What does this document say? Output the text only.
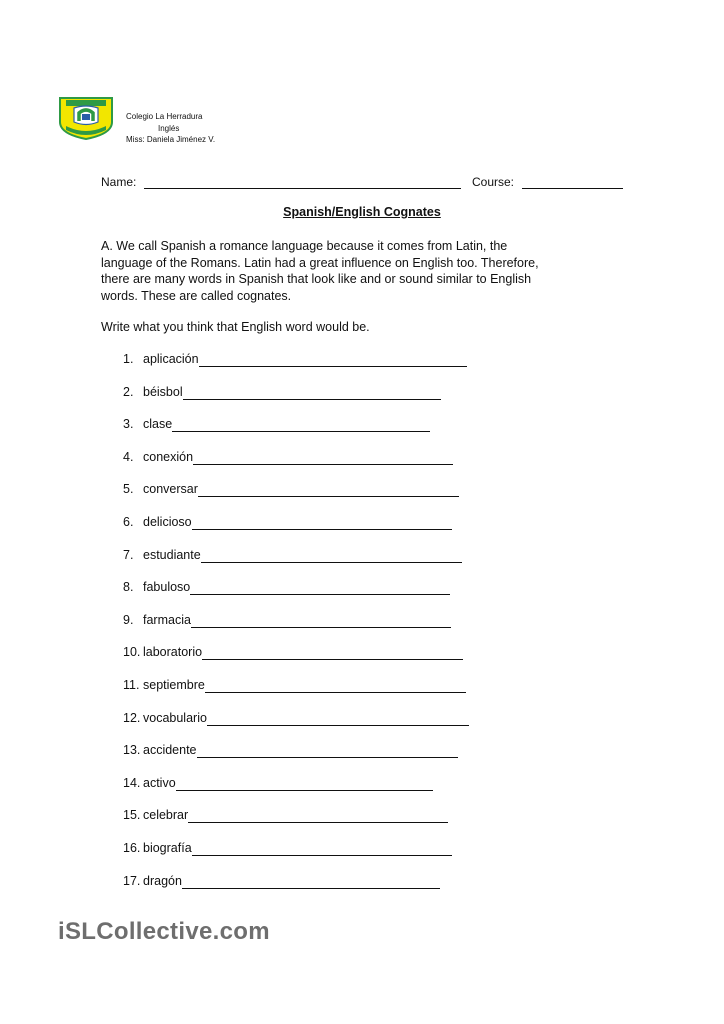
Colegio La Herradura
Inglés
Miss: Daniela Jiménez V.
Name:	Course:
Spanish/English Cognates
A. We call Spanish a romance language because it comes from Latin, the
language of the Romans. Latin had a great influence on English too. Therefore,
there are many words in Spanish that look like and or sound similar to English
words. These are called cognates.
Write what you think that English word would be.
1. aplicación
2. béisbol
3. clase
4. conexión
5. conversar
6. delicioso
7. estudiante
8. fabuloso
9. farmacia
10. laboratorio
11. septiembre
12. vocabulario
13. accidente
14. activo
15. celebrar
16. biografía
17. dragón
iSLCollective.com
